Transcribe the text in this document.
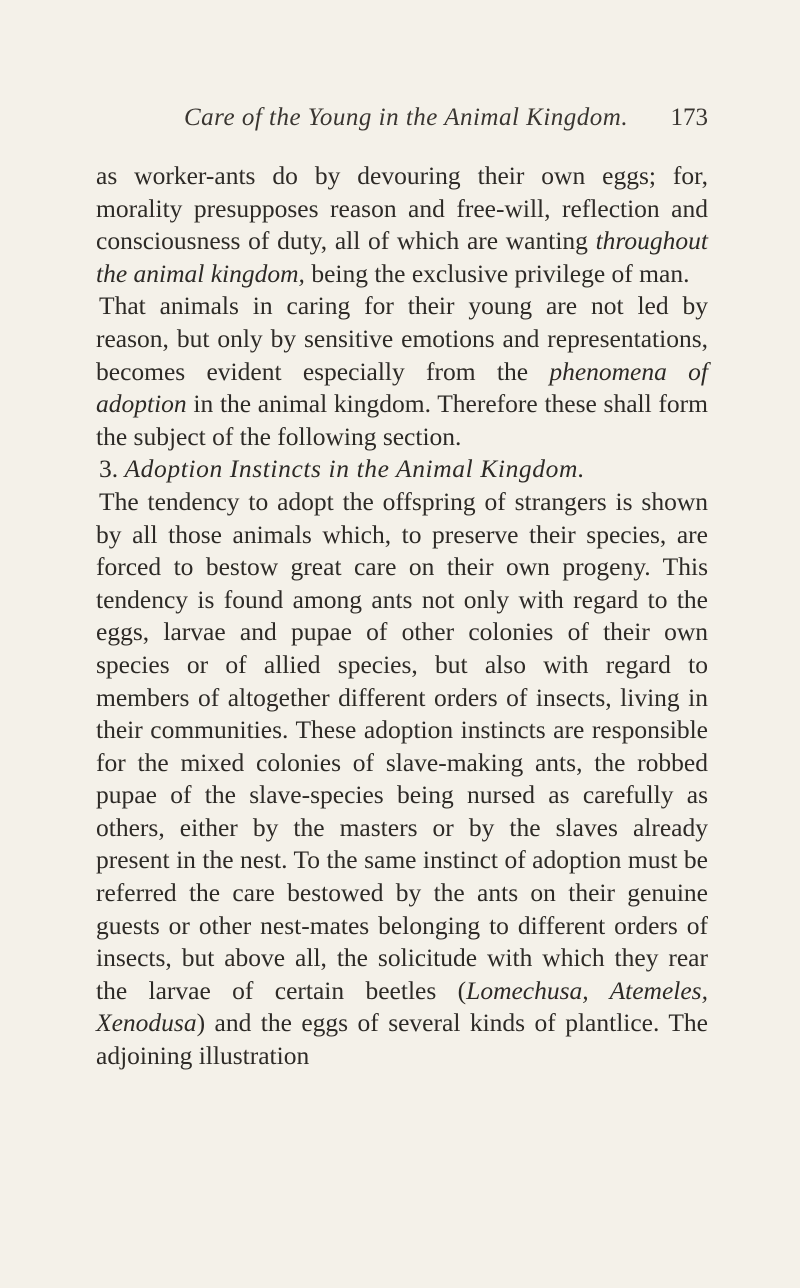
Care of the Young in the Animal Kingdom. 173

as worker-ants do by devouring their own eggs; for, morality presupposes reason and free-will, reflection and consciousness of duty, all of which are wanting throughout the animal kingdom, being the exclusive privilege of man.

That animals in caring for their young are not led by reason, but only by sensitive emotions and representations, becomes evident especially from the phenomena of adoption in the animal kingdom. Therefore these shall form the subject of the following section.

3. Adoption Instincts in the Animal Kingdom.

The tendency to adopt the offspring of strangers is shown by all those animals which, to preserve their species, are forced to bestow great care on their own progeny. This tendency is found among ants not only with regard to the eggs, larvae and pupae of other colonies of their own species or of allied species, but also with regard to members of altogether different orders of insects, living in their communities. These adoption instincts are responsible for the mixed colonies of slave-making ants, the robbed pupae of the slave-species being nursed as carefully as others, either by the masters or by the slaves already present in the nest. To the same instinct of adoption must be referred the care bestowed by the ants on their genuine guests or other nest-mates belonging to different orders of insects, but above all, the solicitude with which they rear the larvae of certain beetles (Lomechusa, Atemeles, Xenodusa) and the eggs of several kinds of plantlice. The adjoining illustration
